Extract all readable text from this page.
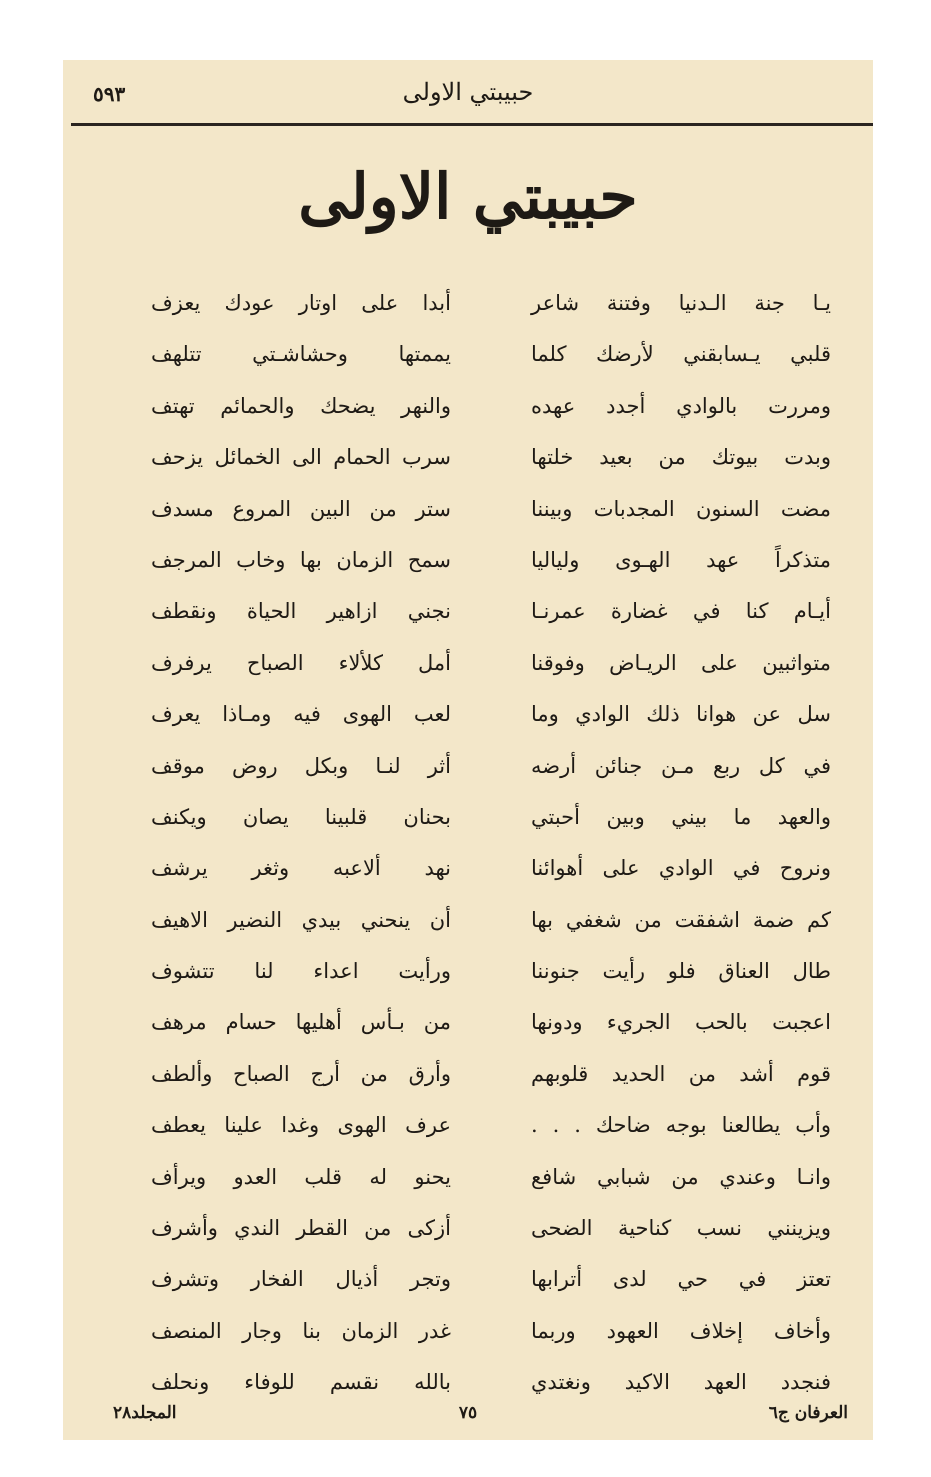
٥٩٣	حبيبتي الاولى
حبيبتي الاولى
يـا جنة الـدنيا وفتنة شاعر
قلبي يـسابقني لأرضك كلما
ومررت بالوادي أجدد عهده
وبدت بيوتك من بعيد خلتها
مضت السنون المجدبات وبيننا
متذكراً عهد الهـوى ولياليا
أيـام كنا في غضارة عمرنـا
متواثبين على الريـاض وفوقنا
سل عن هوانا ذلك الوادي وما
في كل ربع مـن جنائن أرضه
والعهد ما بيني وبين أحبتي
ونروح في الوادي على أهوائنا
كم ضمة اشفقت من شغفي بها
طال العناق فلو رأيت جنوننا
اعجبت بالحب الجريء ودونها
قوم أشد من الحديد قلوبهم
وأب يطالعنا بوجه ضاحك . . .
وانـا وعندي من شبابي شافع
ويزينني نسب كناحية الضحى
تعتز في حي لدى أترابها
وأخاف إخلاف العهود وربما
فنجدد العهد الاكيد ونغتدي
أبدا على اوتار عودك يعزف
يممتها وحشاشـتي تتلهف
والنهر يضحك والحمائم تهتف
سرب الحمام الى الخمائل يزحف
ستر من البين المروع مسدف
سمح الزمان بها وخاب المرجف
نجني ازاهير الحياة ونقطف
أمل كلألاء الصباح يرفرف
لعب الهوى فيه ومـاذا يعرف
أثر لنـا وبكل روض موقف
بحنان قلبينا يصان ويكنف
نهد ألاعبه وثغر يرشف
أن ينحني بيدي النضير الاهيف
ورأيت اعداء لنا تتشوف
من بـأس أهليها حسام مرهف
وأرق من أرج الصباح وألطف
عرف الهوى وغدا علينا يعطف
يحنو له قلب العدو ويرأف
أزكى من القطر الندي وأشرف
وتجر أذيال الفخار وتشرف
غدر الزمان بنا وجار المنصف
بالله نقسم للوفاء ونحلف
العرفان ج٦
٧٥
المجلد٢٨
